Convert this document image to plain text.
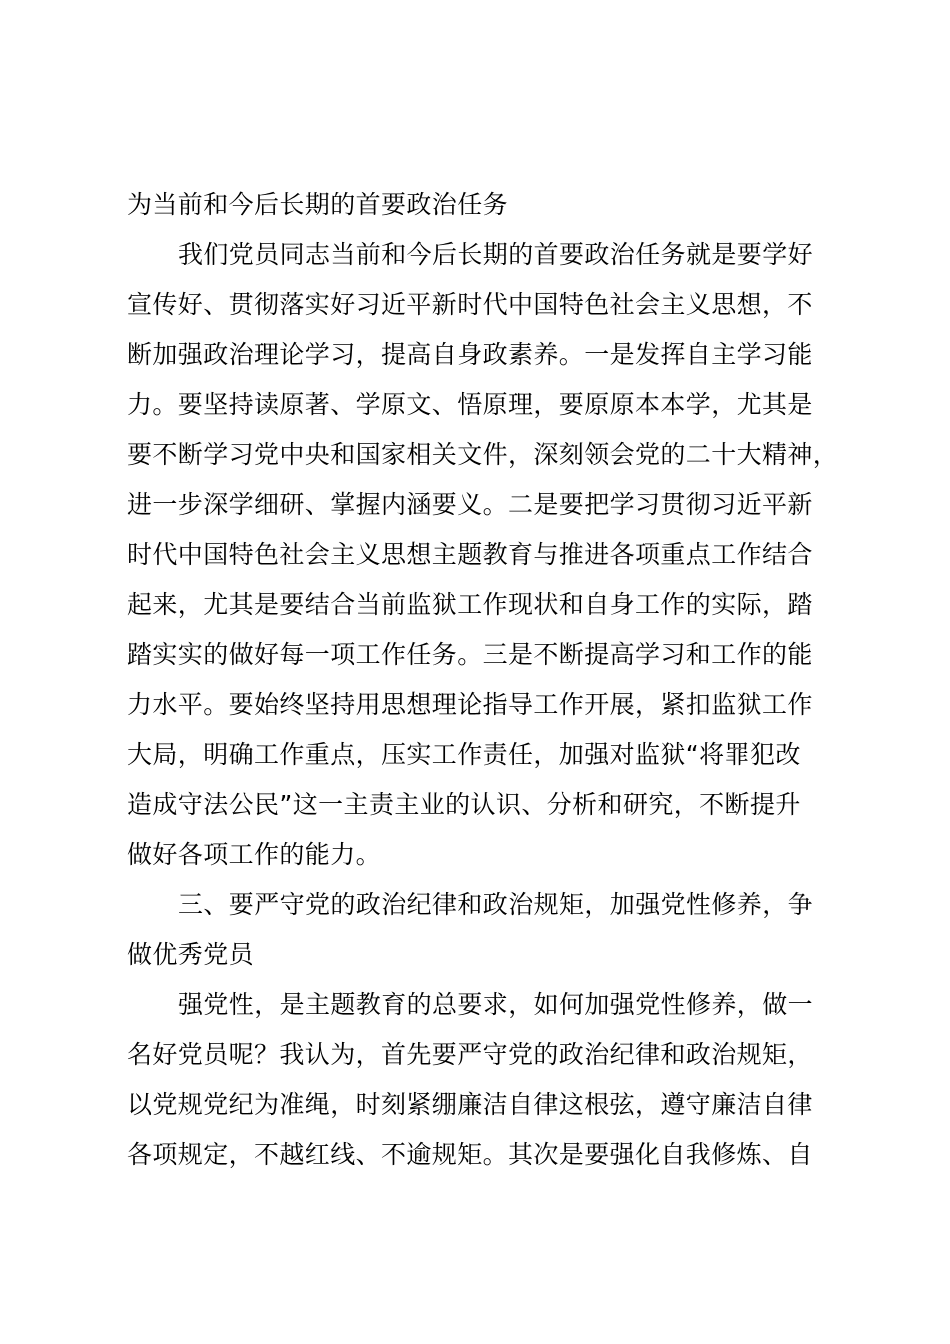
为当前和今后长期的首要政治任务
我们党员同志当前和今后长期的首要政治任务就是要学好
宣传好、贯彻落实好习近平新时代中国特色社会主义思想，不
断加强政治理论学习，提高自身政素养。一是发挥自主学习能
力。要坚持读原著、学原文、悟原理，要原原本本学，尤其是
要不断学习党中央和国家相关文件，深刻领会党的二十大精神，
进一步深学细研、掌握内涵要义。二是要把学习贯彻习近平新
时代中国特色社会主义思想主题教育与推进各项重点工作结合
起来，尤其是要结合当前监狱工作现状和自身工作的实际，踏
踏实实的做好每一项工作任务。三是不断提高学习和工作的能
力水平。要始终坚持用思想理论指导工作开展，紧扣监狱工作
大局，明确工作重点，压实工作责任，加强对监狱“将罪犯改
造成守法公民”这一主责主业的认识、分析和研究，不断提升
做好各项工作的能力。
三、要严守党的政治纪律和政治规矩，加强党性修养，争
做优秀党员
强党性，是主题教育的总要求，如何加强党性修养，做一
名好党员呢？我认为，首先要严守党的政治纪律和政治规矩，
以党规党纪为准绳，时刻紧绷廉洁自律这根弦，遵守廉洁自律
各项规定，不越红线、不逾规矩。其次是要强化自我修炼、自
